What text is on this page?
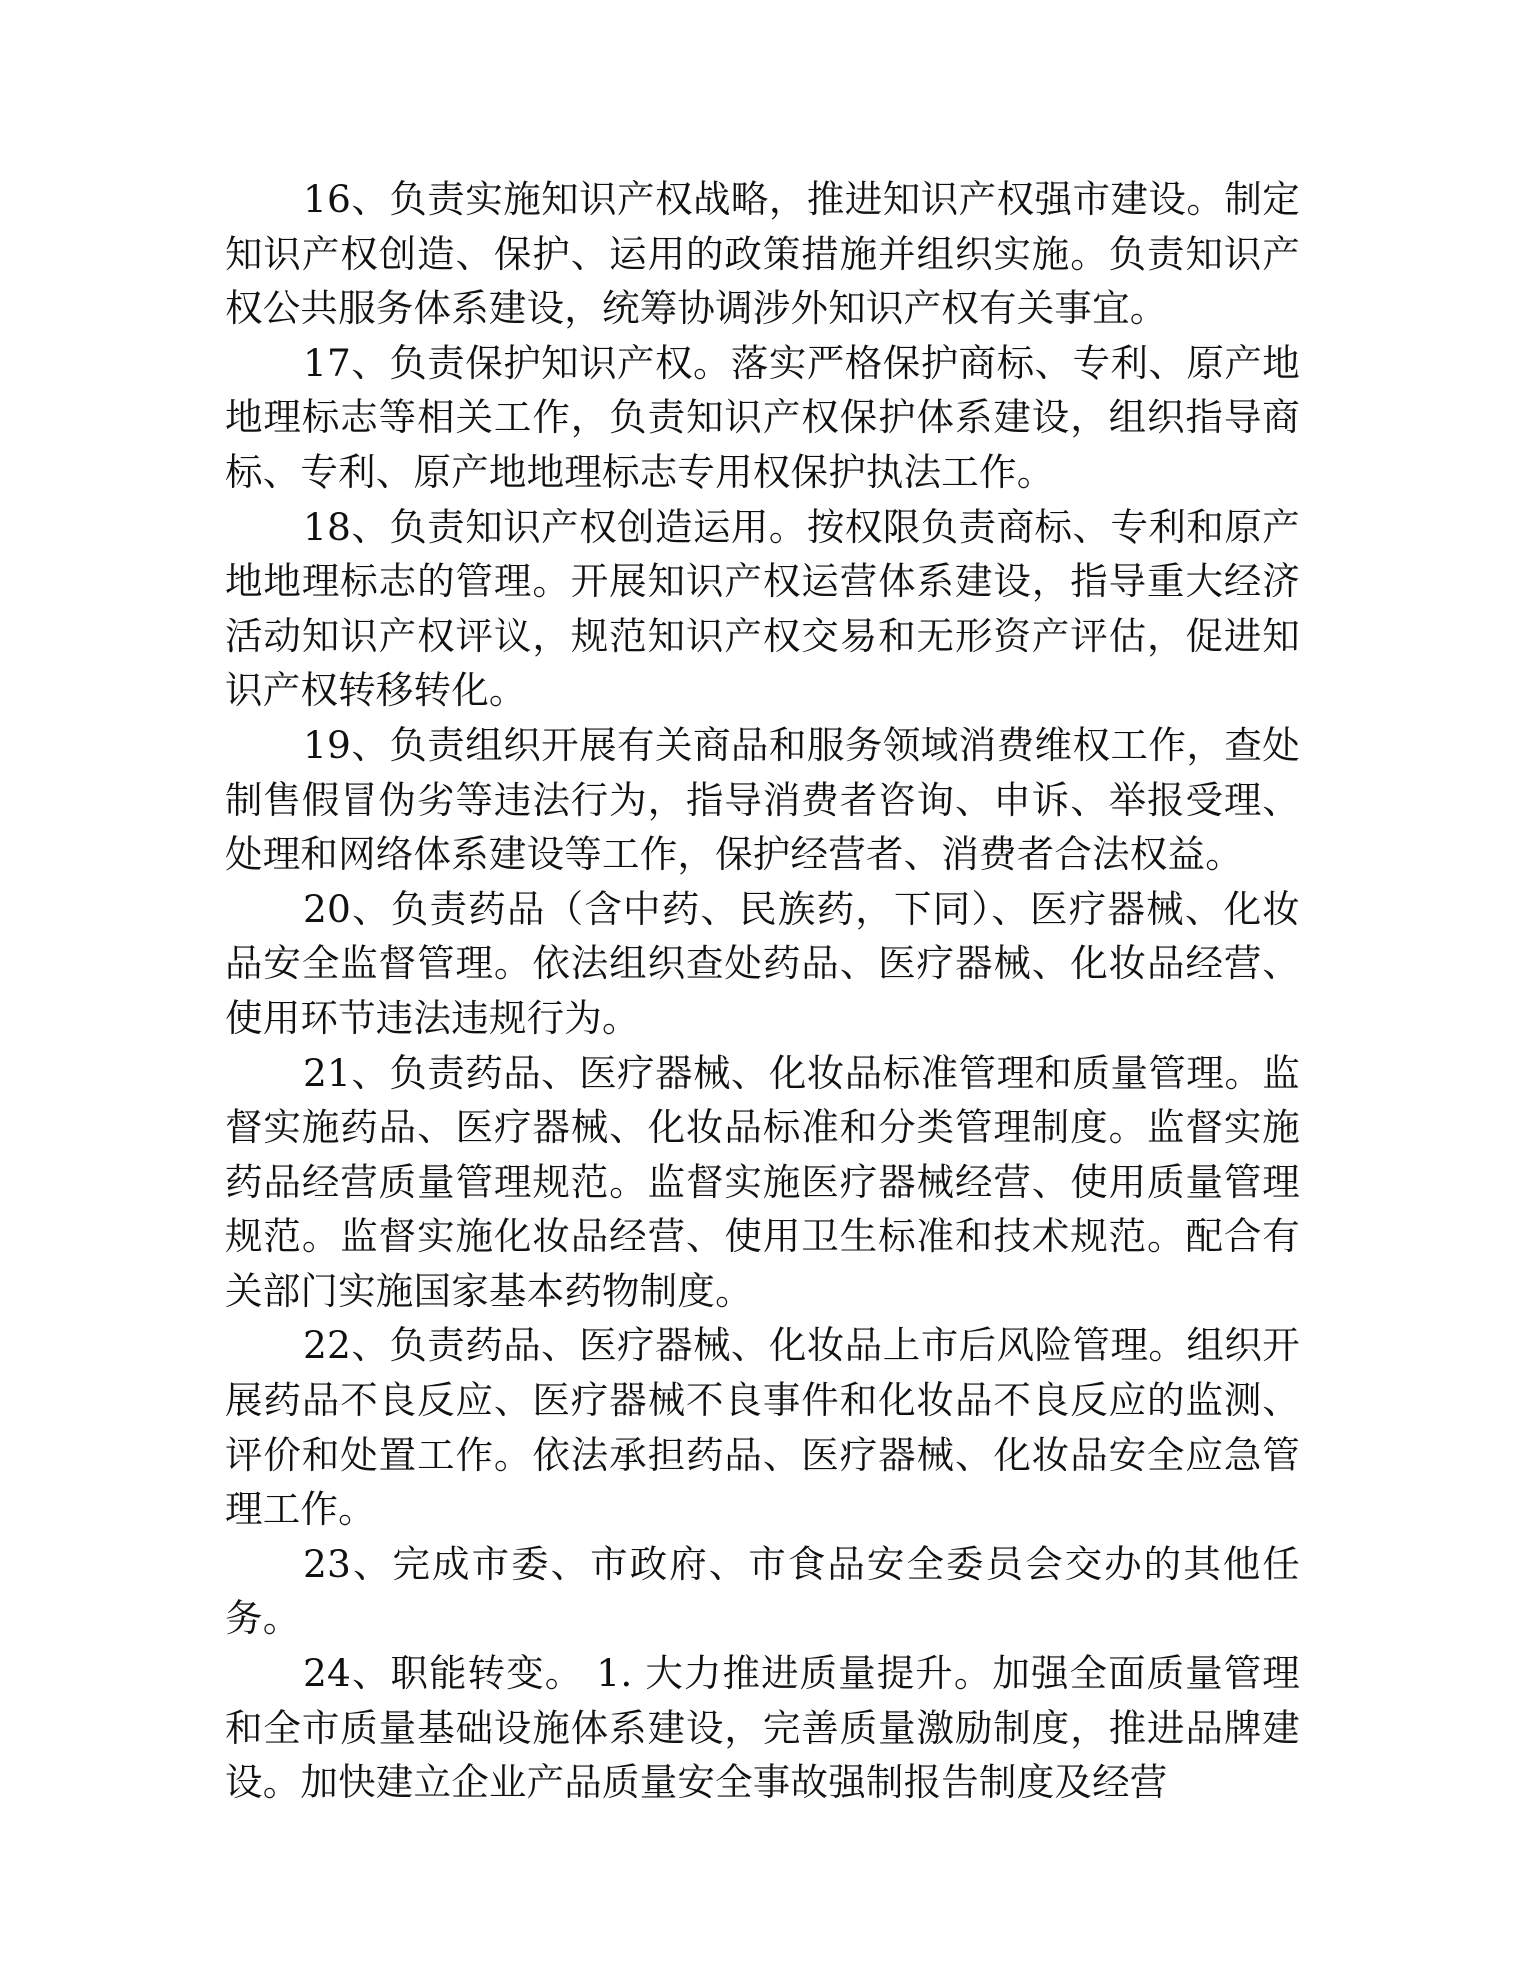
16、负责实施知识产权战略，推进知识产权强市建设。制定知识产权创造、保护、运用的政策措施并组织实施。负责知识产权公共服务体系建设，统筹协调涉外知识产权有关事宜。

17、负责保护知识产权。落实严格保护商标、专利、原产地地理标志等相关工作，负责知识产权保护体系建设，组织指导商标、专利、原产地地理标志专用权保护执法工作。

18、负责知识产权创造运用。按权限负责商标、专利和原产地地理标志的管理。开展知识产权运营体系建设，指导重大经济活动知识产权评议，规范知识产权交易和无形资产评估，促进知识产权转移转化。

19、负责组织开展有关商品和服务领域消费维权工作，查处制售假冒伪劣等违法行为，指导消费者咨询、申诉、举报受理、处理和网络体系建设等工作，保护经营者、消费者合法权益。

20、负责药品（含中药、民族药，下同）、医疗器械、化妆品安全监督管理。依法组织查处药品、医疗器械、化妆品经营、使用环节违法违规行为。

21、负责药品、医疗器械、化妆品标准管理和质量管理。监督实施药品、医疗器械、化妆品标准和分类管理制度。监督实施药品经营质量管理规范。监督实施医疗器械经营、使用质量管理规范。监督实施化妆品经营、使用卫生标准和技术规范。配合有关部门实施国家基本药物制度。

22、负责药品、医疗器械、化妆品上市后风险管理。组织开展药品不良反应、医疗器械不良事件和化妆品不良反应的监测、评价和处置工作。依法承担药品、医疗器械、化妆品安全应急管理工作。

23、完成市委、市政府、市食品安全委员会交办的其他任务。

24、职能转变。 1. 大力推进质量提升。加强全面质量管理和全市质量基础设施体系建设，完善质量激励制度，推进品牌建设。加快建立企业产品质量安全事故强制报告制度及经营
